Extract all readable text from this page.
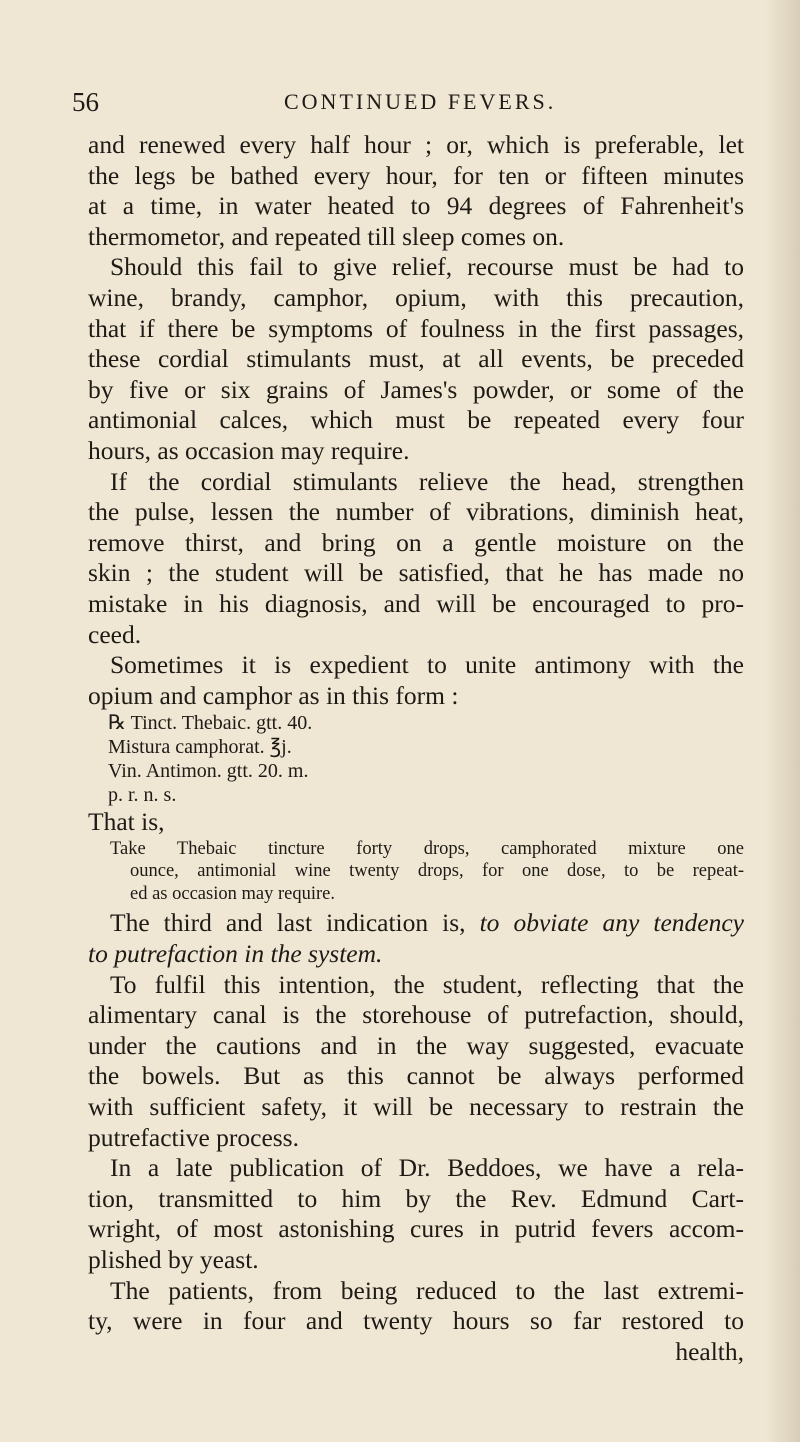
56	CONTINUED FEVERS.
and renewed every half hour ; or, which is preferable, let
the legs be bathed every hour, for ten or fifteen minutes
at a time, in water heated to 94 degrees of Fahrenheit's
thermometor, and repeated till sleep comes on.
Should this fail to give relief, recourse must be had to
wine, brandy, camphor, opium, with this precaution,
that if there be symptoms of foulness in the first passages,
these cordial stimulants must, at all events, be preceded
by five or six grains of James's powder, or some of the
antimonial calces, which must be repeated every four
hours, as occasion may require.
If the cordial stimulants relieve the head, strengthen
the pulse, lessen the number of vibrations, diminish heat,
remove thirst, and bring on a gentle moisture on the
skin ; the student will be satisfied, that he has made no
mistake in his diagnosis, and will be encouraged to pro-
ceed.
Sometimes it is expedient to unite antimony with the
opium and camphor as in this form :
℞ Tinct. Thebaic. gtt. 40.
Mistura camphorat. ℥j.
Vin. Antimon. gtt. 20. m.
p. r. n. s.
That is,
Take Thebaic tincture forty drops, camphorated mixture one
ounce, antimonial wine twenty drops, for one dose, to be repeat-
ed as occasion may require.
The third and last indication is, to obviate any tendency
to putrefaction in the system.
To fulfil this intention, the student, reflecting that the
alimentary canal is the storehouse of putrefaction, should,
under the cautions and in the way suggested, evacuate
the bowels. But as this cannot be always performed
with sufficient safety, it will be necessary to restrain the
putrefactive process.
In a late publication of Dr. Beddoes, we have a rela-
tion, transmitted to him by the Rev. Edmund Cart-
wright, of most astonishing cures in putrid fevers accom-
plished by yeast.
The patients, from being reduced to the last extremi-
ty, were in four and twenty hours so far restored to
health,
